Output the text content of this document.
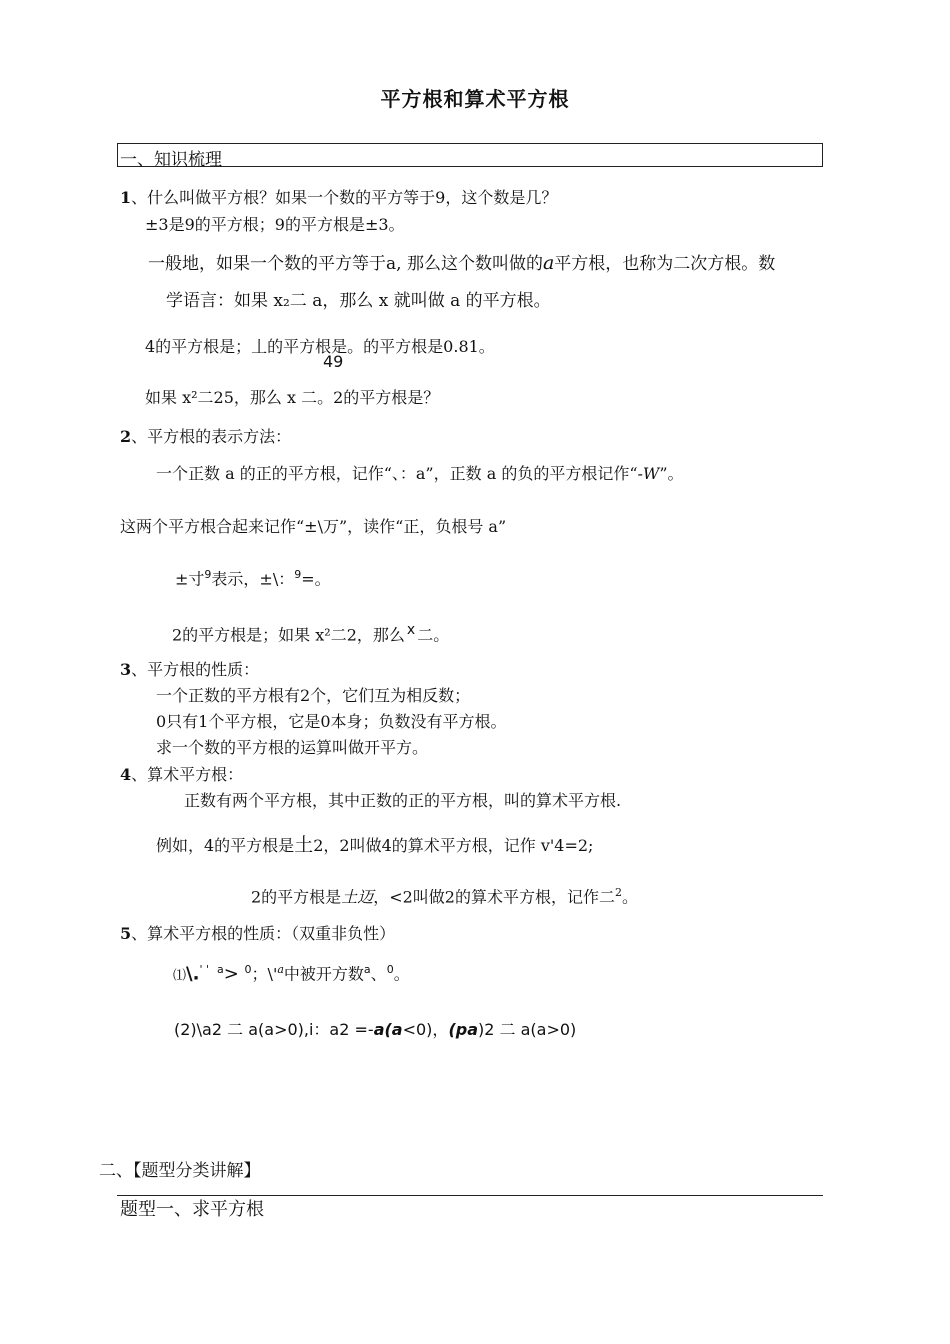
平方根和算术平方根
一、知识梳理
1、什么叫做平方根？如果一个数的平方等于9，这个数是几？
±3是9的平方根；9的平方根是±3。
一般地，如果一个数的平方等于a, 那么这个数叫做的a平方根，也称为二次方根。数
学语言：如果 x₂二 a，那么 x 就叫做 a 的平方根。
4的平方根是；丄的平方根是。的平方根是0.81。
49
如果 x²二25，那么 x 二。2的平方根是？
2、平方根的表示方法：
一个正数 a 的正的平方根，记作“、：a”，正数 a 的负的平方根记作“-W”。
这两个平方根合起来记作“±\万”，读作“正，负根号 a”
±寸$^9$表示，±\：$^9$=。
2的平方根是；如果 x²二2，那么 x 二。
3、平方根的性质：
一个正数的平方根有2个，它们互为相反数；
0只有1个平方根，它是0本身；负数没有平方根。
求一个数的平方根的运算叫做开平方。
4、算术平方根：
正数有两个平方根，其中正数的正的平方根，叫的算术平方根.
例如，4的平方根是土2，2叫做4的算术平方根，记作 v'4=2;
2的平方根是土迈，<2叫做2的算术平方根，记作二$^2$。
5、算术平方根的性质：（双重非负性）
⑴\.' ' $^a$> $^0$；$\backslash'^a$中被开方数$^a$、$^0$。
(2)\a2 二 a(a>0),i：a2 =-a(a<0)，(pa)2 二 a(a>0)
二、【题型分类讲解】
题型一、求平方根
